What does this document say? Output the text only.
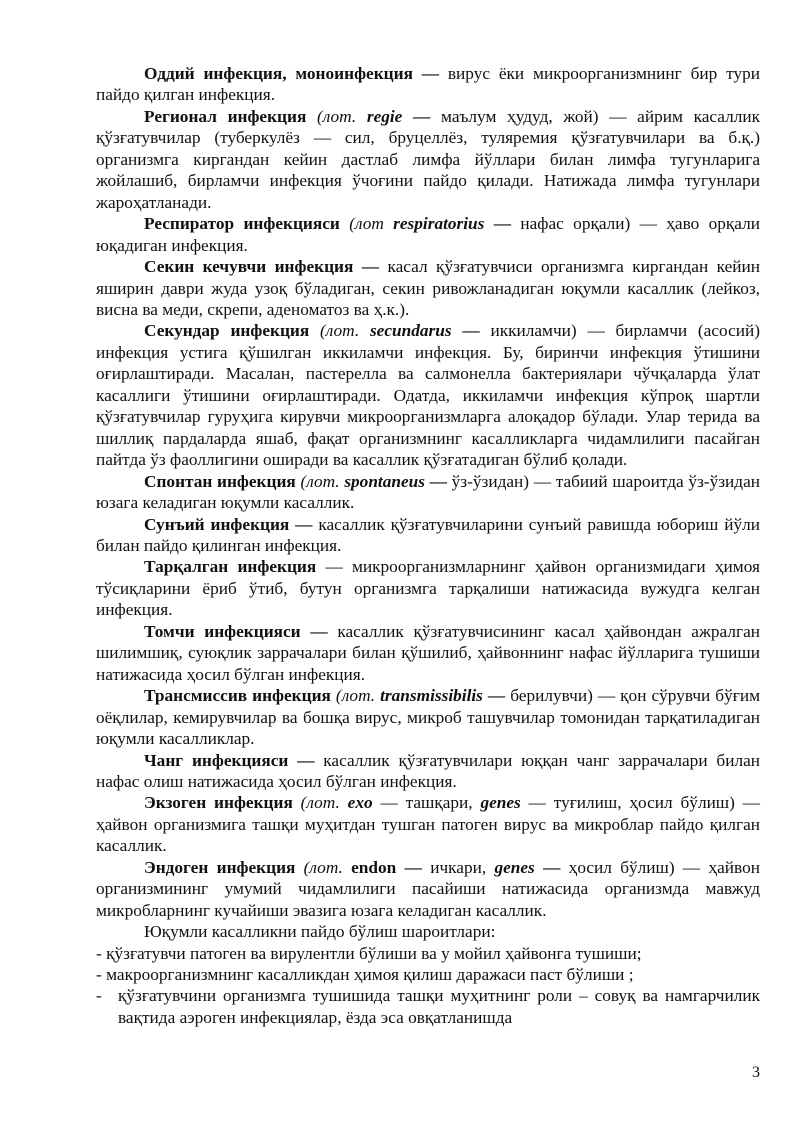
Оддий инфекция, моноинфекция — вирус ёки микроорганизмнинг бир тури пайдо қилган инфекция.

Регионал инфекция (лот. regie — маълум ҳудуд, жой) — айрим касаллик қўзғатувчилар (туберкулёз — сил, бруцеллёз, туляремия қўзғатувчилари ва б.қ.) организмга киргандан кейин дастлаб лимфа йўллари билан лимфа тугунларига жойлашиб, бирламчи инфекция ўчоғини пайдо қилади. Натижада лимфа тугунлари жароҳатланади.

Респиратор инфекцияси (лот respiratorius — нафас орқали) — ҳаво орқали юқадиган инфекция.

Секин кечувчи инфекция — касал қўзғатувчиси организмга киргандан кейин яширин даври жуда узоқ бўладиган, секин ривожланадиган юқумли касаллик (лейкоз, висна ва меди, скрепи, аденоматоз ва ҳ.к.).

Секундар инфекция (лот. secundarus — иккиламчи) — бирламчи (асосий) инфекция устига қўшилган иккиламчи инфекция. Бу, биринчи инфекция ўтишини оғирлаштиради. Масалан, пастерелла ва салмонелла бактериялари чўчқаларда ўлат касаллиги ўтишини оғирлаштиради. Одатда, иккиламчи инфекция кўпроқ шартли қўзғатувчилар гуруҳига кирувчи микроорганизмларга алоқадор бўлади. Улар терида ва шиллиқ пардаларда яшаб, фақат организмнинг касалликларга чидамлилиги пасайган пайтда ўз фаоллигини оширади ва касаллик қўзғатадиган бўлиб қолади.

Спонтан инфекция (лот. spontaneus — ўз-ўзидан) — табиий шароитда ўз-ўзидан юзага келадиган юқумли касаллик.

Сунъий инфекция — касаллик қўзғатувчиларини сунъий равишда юбориш йўли билан пайдо қилинган инфекция.

Тарқалган инфекция — микроорганизмларнинг ҳайвон организмидаги ҳимоя тўсиқларини ёриб ўтиб, бутун организмга тарқалиши натижасида вужудга келган инфекция.

Томчи инфекцияси — касаллик қўзғатувчисининг касал ҳайвондан ажралган шилимшиқ, суюқлик заррачалари билан қўшилиб, ҳайвоннинг нафас йўлларига тушиши натижасида ҳосил бўлган инфекция.

Трансмиссив инфекция (лот. transmissibilis — берилувчи) — қон сўрувчи бўғим оёқлилар, кемирувчилар ва бошқа вирус, микроб ташувчилар томонидан тарқатиладиган юқумли касалликлар.

Чанг инфекцияси — касаллик қўзғатувчилари юққан чанг заррачалари билан нафас олиш натижасида ҳосил бўлган инфекция.

Экзоген инфекция (лот. exo — ташқари, genes — туғилиш, ҳосил бўлиш) — ҳайвон организмига ташқи муҳитдан тушган патоген вирус ва микроблар пайдо қилган касаллик.

Эндоген инфекция (лот. endon — ичкари, genes — ҳосил бўлиш) — ҳайвон организмининг умумий чидамлилиги пасайиши натижасида организмда мавжуд микробларнинг кучайиши эвазига юзага келадиган касаллик.

Юқумли касалликни пайдо бўлиш шароитлари:

- қўзғатувчи патоген ва вирулентли бўлиши ва у мойил ҳайвонга тушиши;

- макроорганизмнинг касалликдан ҳимоя қилиш даражаси паст бўлиши ;

- қўзғатувчини организмга тушишида ташқи муҳитнинг роли – совуқ ва намгарчилик вақтида аэроген инфекциялар, ёзда эса овқатланишда

3
